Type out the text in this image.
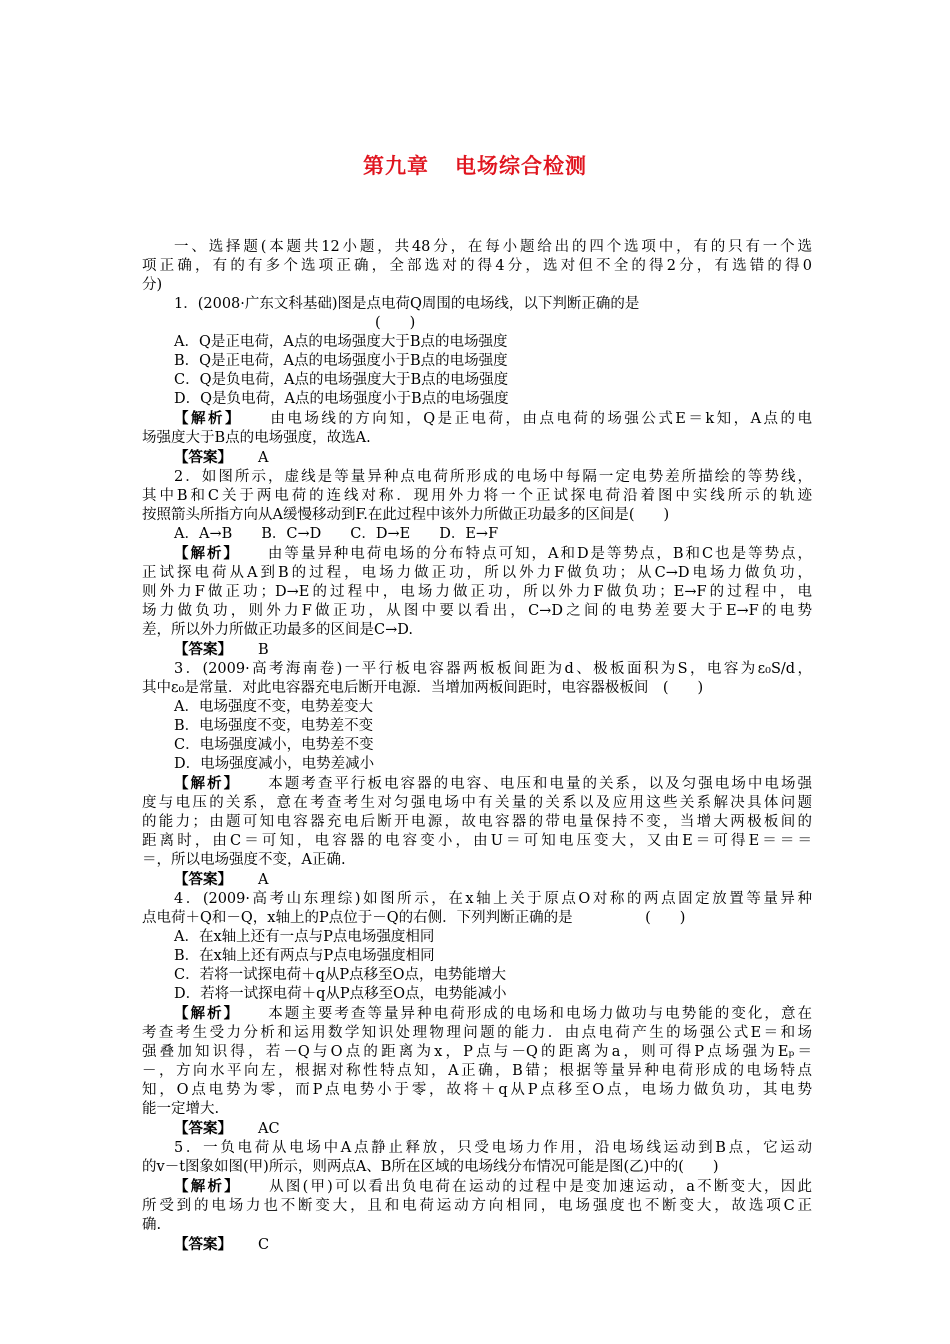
第九章 电场综合检测
一、选择题(本题共12小题，共48分，在每小题给出的四个选项中，有的只有一个选
项正确，有的有多个选项正确，全部选对的得4分，选对但不全的得2分，有选错的得0
分)
1．(2008·广东文科基础)图是点电荷Q周围的电场线，以下判断正确的是
(　　)
A．Q是正电荷，A点的电场强度大于B点的电场强度
B．Q是正电荷，A点的电场强度小于B点的电场强度
C．Q是负电荷，A点的电场强度大于B点的电场强度
D．Q是负电荷，A点的电场强度小于B点的电场强度
【解析】 由电场线的方向知，Q是正电荷，由点电荷的场强公式E＝k知，A点的电
场强度大于B点的电场强度，故选A.
【答案】 A
2．如图所示，虚线是等量异种点电荷所形成的电场中每隔一定电势差所描绘的等势线，
其中B和C关于两电荷的连线对称．现用外力将一个正试探电荷沿着图中实线所示的轨迹
按照箭头所指方向从A缓慢移动到F.在此过程中该外力所做正功最多的区间是(　　)
A．A→B　　B．C→D　　C．D→E　　D．E→F
【解析】 由等量异种电荷电场的分布特点可知，A和D是等势点，B和C也是等势点，
正试探电荷从A到B的过程，电场力做正功，所以外力F做负功；从C→D电场力做负功，
则外力F做正功；D→E的过程中，电场力做正功，所以外力F做负功；E→F的过程中，电
场力做负功，则外力F做正功，从图中要以看出，C→D之间的电势差要大于E→F的电势
差，所以外力所做正功最多的区间是C→D.
【答案】 B
3．(2009·高考海南卷)一平行板电容器两板板间距为d、极板面积为S，电容为ε₀S/d，
其中ε₀是常量．对此电容器充电后断开电源．当增加两板间距时，电容器极板间　(　　)
A．电场强度不变，电势差变大
B．电场强度不变，电势差不变
C．电场强度减小，电势差不变
D．电场强度减小，电势差减小
【解析】 本题考查平行板电容器的电容、电压和电量的关系，以及匀强电场中电场强
度与电压的关系，意在考查考生对匀强电场中有关量的关系以及应用这些关系解决具体问题
的能力；由题可知电容器充电后断开电源，故电容器的带电量保持不变，当增大两极板间的
距离时，由C＝可知，电容器的电容变小，由U＝可知电压变大，又由E＝可得E＝＝＝
＝，所以电场强度不变，A正确.
【答案】 A
4．(2009·高考山东理综)如图所示，在x轴上关于原点O对称的两点固定放置等量异种
点电荷＋Q和－Q，x轴上的P点位于－Q的右侧．下列判断正确的是　　　　　(　　)
A．在x轴上还有一点与P点电场强度相同
B．在x轴上还有两点与P点电场强度相同
C．若将一试探电荷＋q从P点移至O点，电势能增大
D．若将一试探电荷＋q从P点移至O点，电势能减小
【解析】 本题主要考查等量异种电荷形成的电场和电场力做功与电势能的变化，意在
考查考生受力分析和运用数学知识处理物理问题的能力．由点电荷产生的场强公式E＝和场
强叠加知识得，若－Q与O点的距离为x，P点与－Q的距离为a，则可得P点场强为Eₚ＝
－，方向水平向左，根据对称性特点知，A正确，B错；根据等量异种电荷形成的电场特点
知，O点电势为零，而P点电势小于零，故将＋q从P点移至O点，电场力做负功，其电势
能一定增大.
【答案】 AC
5．一负电荷从电场中A点静止释放，只受电场力作用，沿电场线运动到B点，它运动
的v－t图象如图(甲)所示，则两点A、B所在区域的电场线分布情况可能是图(乙)中的(　　)
【解析】 从图(甲)可以看出负电荷在运动的过程中是变加速运动，a不断变大，因此
所受到的电场力也不断变大，且和电荷运动方向相同，电场强度也不断变大，故选项C正
确.
【答案】 C
